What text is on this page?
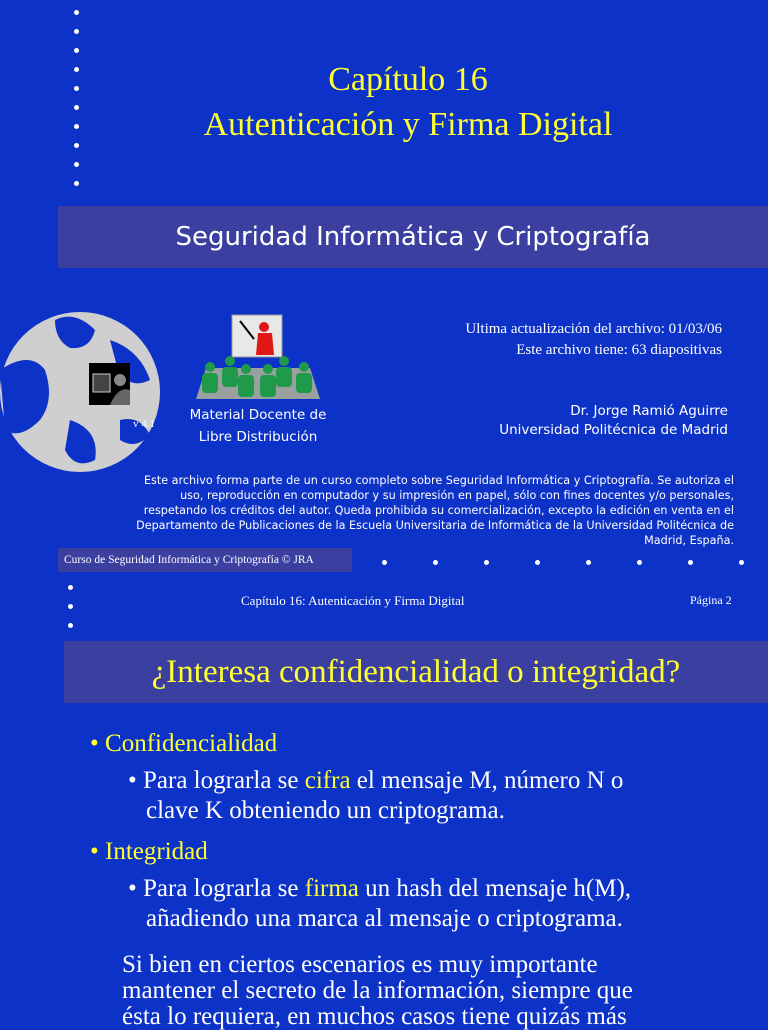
Capítulo 16
Autenticación y Firma Digital
Seguridad Informática y Criptografía
v 4.1
Material Docente de
Libre Distribución
Ultima actualización del archivo: 01/03/06
Este archivo tiene: 63 diapositivas
Dr. Jorge Ramió Aguirre
Universidad Politécnica de Madrid
Este archivo forma parte de un curso completo sobre Seguridad Informática y Criptografía. Se autoriza el uso, reproducción en computador y su impresión en papel, sólo con fines docentes y/o personales, respetando los créditos del autor. Queda prohibida su comercialización, excepto la edición en venta en el Departamento de Publicaciones de la Escuela Universitaria de Informática de la Universidad Politécnica de Madrid, España.
Curso de Seguridad Informática y Criptografía © JRA
Capítulo 16: Autenticación y Firma Digital	Página 2
¿Interesa confidencialidad o integridad?
• Confidencialidad
• Para lograrla se cifra el mensaje M, número N o
clave K obteniendo un criptograma.
• Integridad
• Para lograrla se firma un hash del mensaje h(M),
añadiendo una marca al mensaje o criptograma.
Si bien en ciertos escenarios es muy importante
mantener el secreto de la información, siempre que
ésta lo requiera, en muchos casos tiene quizás más
